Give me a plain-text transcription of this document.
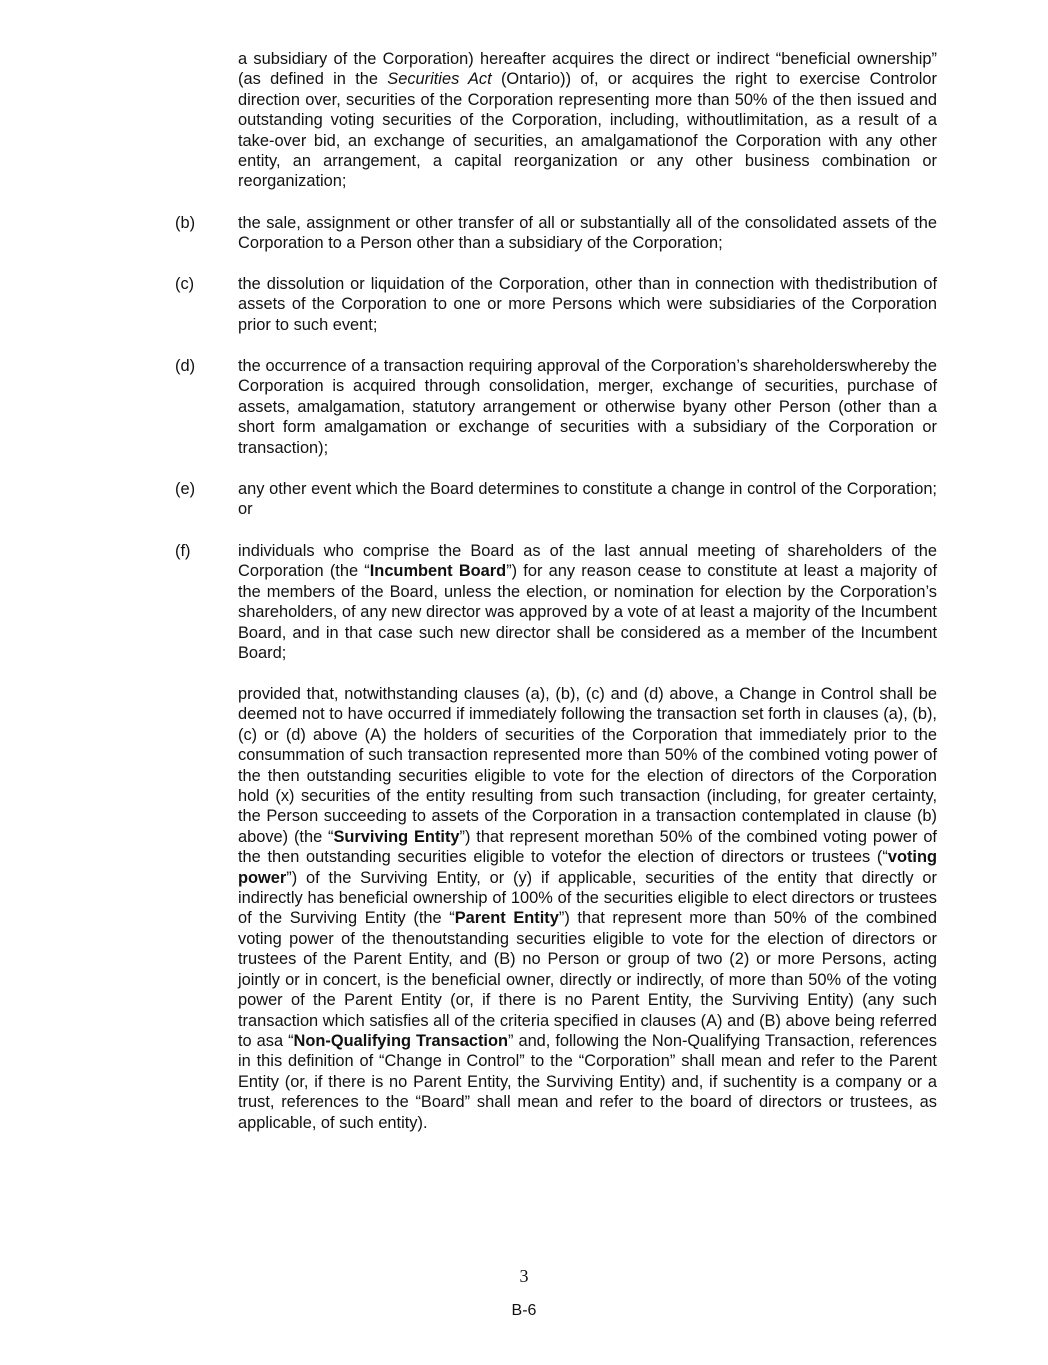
a subsidiary of the Corporation) hereafter acquires the direct or indirect “beneficial ownership” (as defined in the Securities Act (Ontario)) of, or acquires the right to exercise Controlor direction over, securities of the Corporation representing more than 50% of the then issued and outstanding voting securities of the Corporation, including, withoutlimitation, as a result of a take-over bid, an exchange of securities, an amalgamationof the Corporation with any other entity, an arrangement, a capital reorganization or any other business combination or reorganization;

(b)	the sale, assignment or other transfer of all or substantially all of the consolidated assets of the Corporation to a Person other than a subsidiary of the Corporation;

(c)	the dissolution or liquidation of the Corporation, other than in connection with thedistribution of assets of the Corporation to one or more Persons which were subsidiaries of the Corporation prior to such event;

(d)	the occurrence of a transaction requiring approval of the Corporation’s shareholderswhereby the Corporation is acquired through consolidation, merger, exchange of securities, purchase of assets, amalgamation, statutory arrangement or otherwise byany other Person (other than a short form amalgamation or exchange of securities with a subsidiary of the Corporation or transaction);

(e)	any other event which the Board determines to constitute a change in control of the Corporation; or

(f)	individuals who comprise the Board as of the last annual meeting of shareholders of the Corporation (the “Incumbent Board”) for any reason cease to constitute at least a majority of the members of the Board, unless the election, or nomination for election by the Corporation’s shareholders, of any new director was approved by a vote of at least a majority of the Incumbent Board, and in that case such new director shall be considered as a member of the Incumbent Board;

provided that, notwithstanding clauses (a), (b), (c) and (d) above, a Change in Control shall be deemed not to have occurred if immediately following the transaction set forth in clauses (a), (b), (c) or (d) above (A) the holders of securities of the Corporation that immediately prior to the consummation of such transaction represented more than 50% of the combined voting power of the then outstanding securities eligible to vote for the election of directors of the Corporation hold (x) securities of the entity resulting from such transaction (including, for greater certainty, the Person succeeding to assets of the Corporation in a transaction contemplated in clause (b) above) (the “Surviving Entity”) that represent morethan 50% of the combined voting power of the then outstanding securities eligible to votefor the election of directors or trustees (“voting power”) of the Surviving Entity, or (y) if applicable, securities of the entity that directly or indirectly has beneficial ownership of 100% of the securities eligible to elect directors or trustees of the Surviving Entity (the “Parent Entity”) that represent more than 50% of the combined voting power of the thenoutstanding securities eligible to vote for the election of directors or trustees of the Parent Entity, and (B) no Person or group of two (2) or more Persons, acting jointly or in concert, is the beneficial owner, directly or indirectly, of more than 50% of the voting power of the Parent Entity (or, if there is no Parent Entity, the Surviving Entity) (any such transaction which satisfies all of the criteria specified in clauses (A) and (B) above being referred to asa “Non-Qualifying Transaction” and, following the Non-Qualifying Transaction, references in this definition of “Change in Control” to the “Corporation” shall mean and refer to the Parent Entity (or, if there is no Parent Entity, the Surviving Entity) and, if suchentity is a company or a trust, references to the “Board” shall mean and refer to the board of directors or trustees, as applicable, of such entity).

3
B-6
